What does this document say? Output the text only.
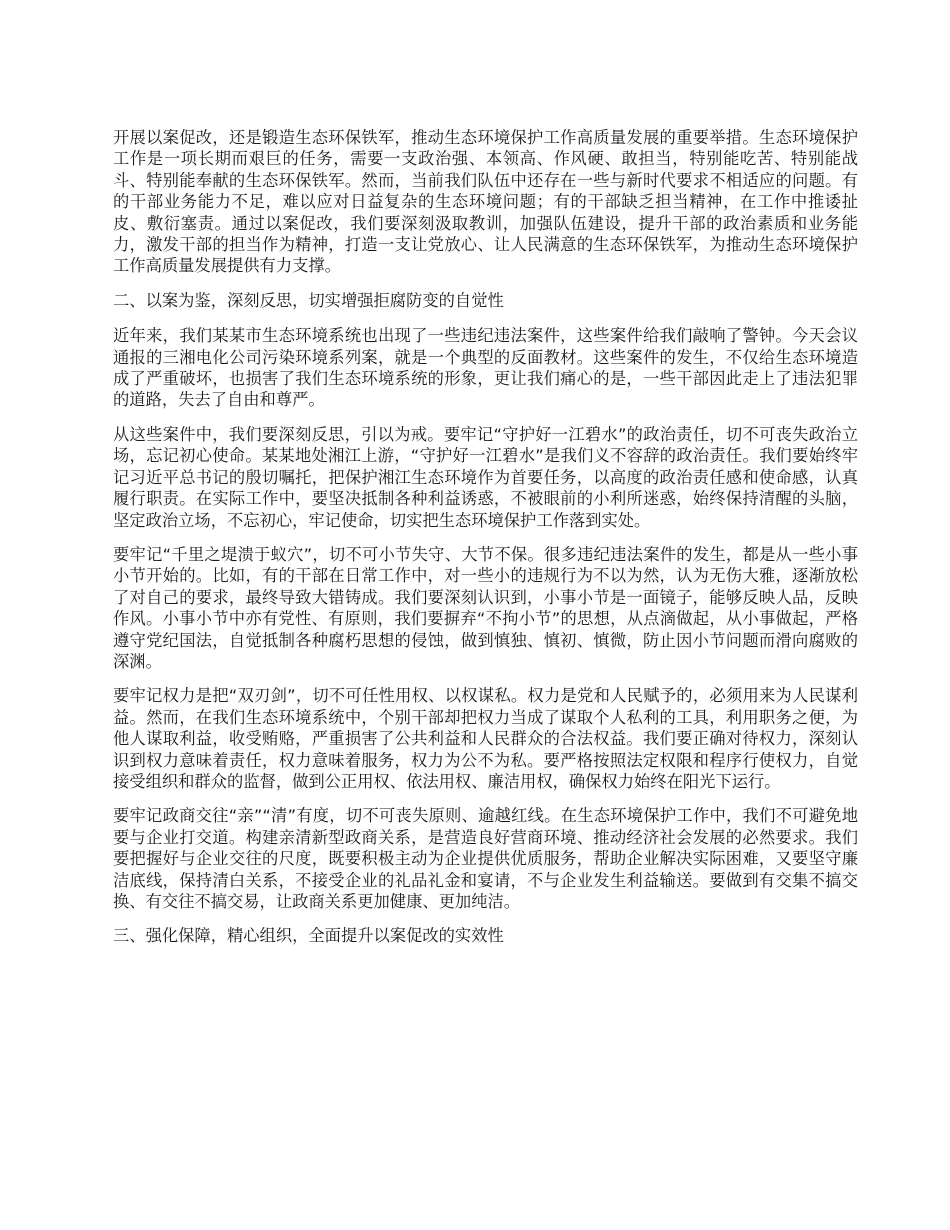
开展以案促改，还是锻造生态环保铁军，推动生态环境保护工作高质量发展的重要举措。生态环境保护工作是一项长期而艰巨的任务，需要一支政治强、本领高、作风硬、敢担当，特别能吃苦、特别能战斗、特别能奉献的生态环保铁军。然而，当前我们队伍中还存在一些与新时代要求不相适应的问题。有的干部业务能力不足，难以应对日益复杂的生态环境问题；有的干部缺乏担当精神，在工作中推诿扯皮、敷衍塞责。通过以案促改，我们要深刻汲取教训，加强队伍建设，提升干部的政治素质和业务能力，激发干部的担当作为精神，打造一支让党放心、让人民满意的生态环保铁军，为推动生态环境保护工作高质量发展提供有力支撑。

二、以案为鉴，深刻反思，切实增强拒腐防变的自觉性

近年来，我们某某市生态环境系统也出现了一些违纪违法案件，这些案件给我们敲响了警钟。今天会议通报的三湘电化公司污染环境系列案，就是一个典型的反面教材。这些案件的发生，不仅给生态环境造成了严重破坏，也损害了我们生态环境系统的形象，更让我们痛心的是，一些干部因此走上了违法犯罪的道路，失去了自由和尊严。

从这些案件中，我们要深刻反思，引以为戒。要牢记“守护好一江碧水”的政治责任，切不可丧失政治立场，忘记初心使命。某某地处湘江上游，“守护好一江碧水”是我们义不容辞的政治责任。我们要始终牢记习近平总书记的殷切嘱托，把保护湘江生态环境作为首要任务，以高度的政治责任感和使命感，认真履行职责。在实际工作中，要坚决抵制各种利益诱惑，不被眼前的小利所迷惑，始终保持清醒的头脑，坚定政治立场，不忘初心，牢记使命，切实把生态环境保护工作落到实处。

要牢记“千里之堤溃于蚁穴”，切不可小节失守、大节不保。很多违纪违法案件的发生，都是从一些小事小节开始的。比如，有的干部在日常工作中，对一些小的违规行为不以为然，认为无伤大雅，逐渐放松了对自己的要求，最终导致大错铸成。我们要深刻认识到，小事小节是一面镜子，能够反映人品，反映作风。小事小节中亦有党性、有原则，我们要摒弃“不拘小节”的思想，从点滴做起，从小事做起，严格遵守党纪国法，自觉抵制各种腐朽思想的侵蚀，做到慎独、慎初、慎微，防止因小节问题而滑向腐败的深渊。

要牢记权力是把“双刃剑”，切不可任性用权、以权谋私。权力是党和人民赋予的，必须用来为人民谋利益。然而，在我们生态环境系统中，个别干部却把权力当成了谋取个人私利的工具，利用职务之便，为他人谋取利益，收受贿赂，严重损害了公共利益和人民群众的合法权益。我们要正确对待权力，深刻认识到权力意味着责任，权力意味着服务，权力为公不为私。要严格按照法定权限和程序行使权力，自觉接受组织和群众的监督，做到公正用权、依法用权、廉洁用权，确保权力始终在阳光下运行。

要牢记政商交往“亲”“清”有度，切不可丧失原则、逾越红线。在生态环境保护工作中，我们不可避免地要与企业打交道。构建亲清新型政商关系，是营造良好营商环境、推动经济社会发展的必然要求。我们要把握好与企业交往的尺度，既要积极主动为企业提供优质服务，帮助企业解决实际困难，又要坚守廉洁底线，保持清白关系，不接受企业的礼品礼金和宴请，不与企业发生利益输送。要做到有交集不搞交换、有交往不搞交易，让政商关系更加健康、更加纯洁。

三、强化保障，精心组织，全面提升以案促改的实效性
